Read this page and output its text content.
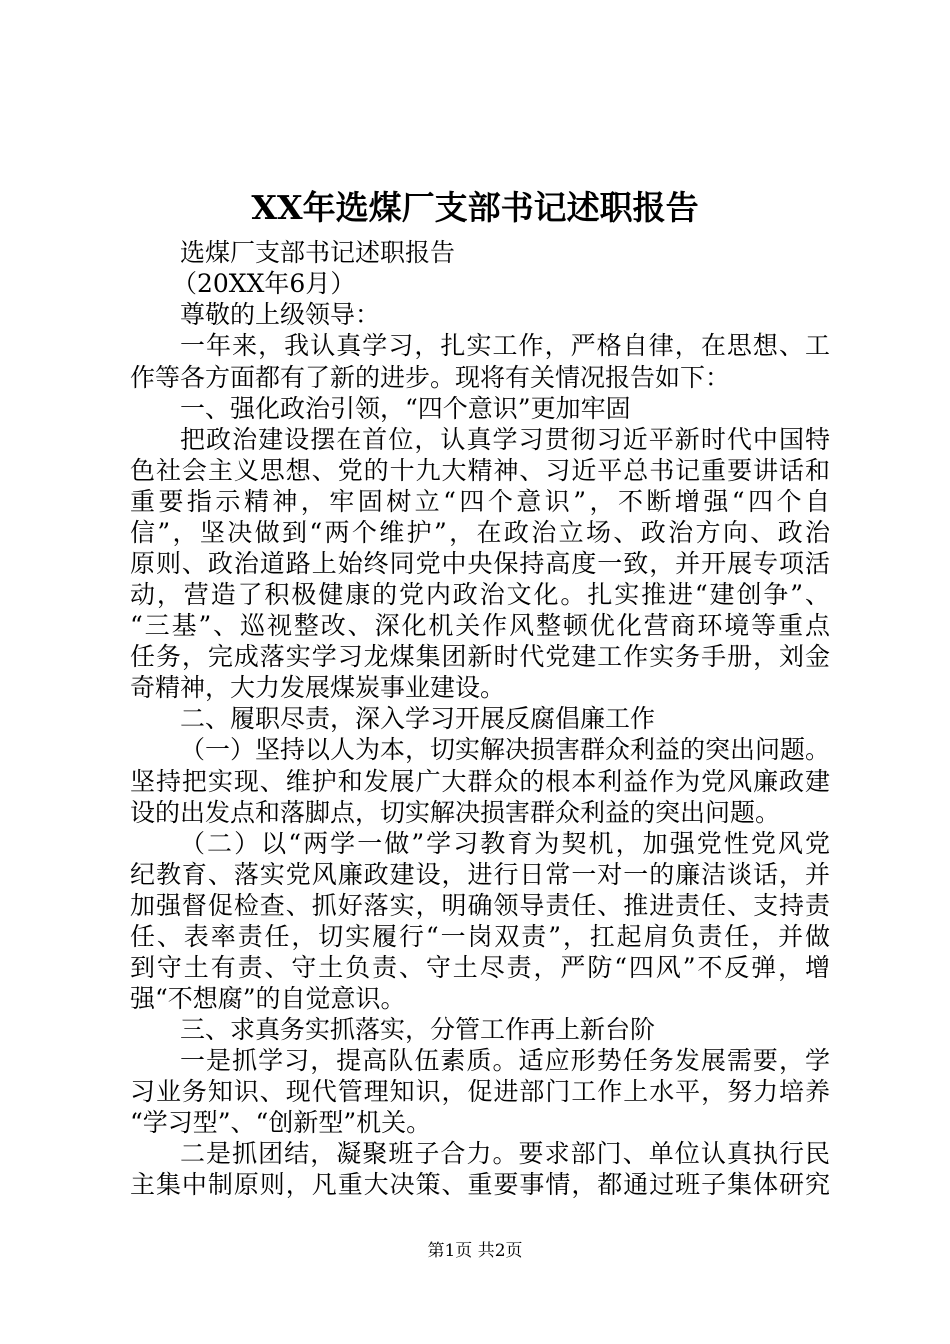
XX年选煤厂支部书记述职报告
选煤厂支部书记述职报告
（20XX年6月）
尊敬的上级领导：
一年来，我认真学习，扎实工作，严格自律，在思想、工
作等各方面都有了新的进步。现将有关情况报告如下：
一、强化政治引领，“四个意识”更加牢固
把政治建设摆在首位，认真学习贯彻习近平新时代中国特
色社会主义思想、党的十九大精神、习近平总书记重要讲话和
重要指示精神，牢固树立“四个意识”，不断增强“四个自
信”，坚决做到“两个维护”，在政治立场、政治方向、政治
原则、政治道路上始终同党中央保持高度一致，并开展专项活
动，营造了积极健康的党内政治文化。扎实推进“建创争”、
“三基”、巡视整改、深化机关作风整顿优化营商环境等重点
任务，完成落实学习龙煤集团新时代党建工作实务手册，刘金
奇精神，大力发展煤炭事业建设。
二、履职尽责，深入学习开展反腐倡廉工作
（一）坚持以人为本，切实解决损害群众利益的突出问题。
坚持把实现、维护和发展广大群众的根本利益作为党风廉政建
设的出发点和落脚点，切实解决损害群众利益的突出问题。
（二）以“两学一做”学习教育为契机，加强党性党风党
纪教育、落实党风廉政建设，进行日常一对一的廉洁谈话，并
加强督促检查、抓好落实，明确领导责任、推进责任、支持责
任、表率责任，切实履行“一岗双责”，扛起肩负责任，并做
到守土有责、守土负责、守土尽责，严防“四风”不反弹，增
强“不想腐”的自觉意识。
三、求真务实抓落实，分管工作再上新台阶
一是抓学习，提高队伍素质。适应形势任务发展需要，学
习业务知识、现代管理知识，促进部门工作上水平，努力培养
“学习型”、“创新型”机关。
二是抓团结，凝聚班子合力。要求部门、单位认真执行民
主集中制原则，凡重大决策、重要事情，都通过班子集体研究
第1页 共2页
